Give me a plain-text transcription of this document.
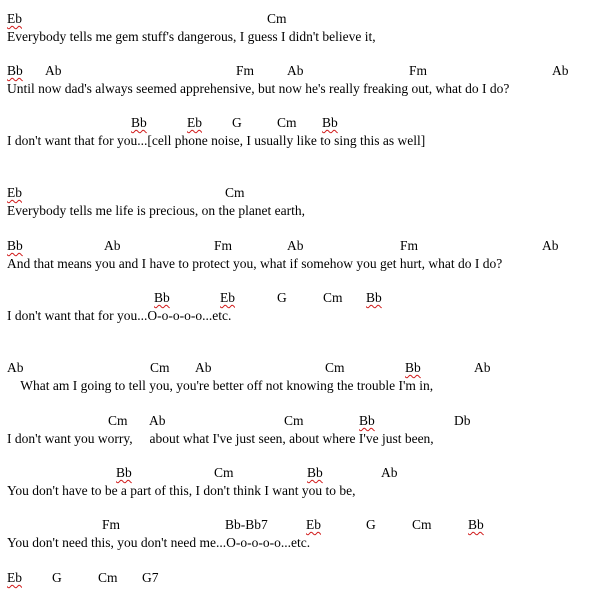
Eb	Cm
Everybody tells me gem stuff's dangerous, I guess I didn't believe it,
Bb Ab	Fm Ab	Fm	Ab
Until now dad's always seemed apprehensive, but now he's really freaking out, what do I do?
Bb	Eb G	Cm Bb
I don't want that for you...[cell phone noise, I usually like to sing this as well]
Eb	Cm
Everybody tells me life is precious, on the planet earth,
Bb	Ab	Fm	Ab	Fm	Ab
And that means you and I have to protect you, what if somehow you get hurt, what do I do?
Bb	Eb	G	Cm Bb
I don't want that for you...O-o-o-o-o...etc.
Ab	Cm Ab	Cm	Bb	Ab
What am I going to tell you, you're better off not knowing the trouble I'm in,
Cm Ab	Cm	Bb	Db
I don't want you worry,     about what I've just seen, about where I've just been,
Bb	Cm	Bb	Ab
You don't have to be a part of this, I don't think I want you to be,
Fm	Bb-Bb7	Eb	G	Cm	Bb
You don't need this, you don't need me...O-o-o-o-o...etc.
Eb G	Cm G7
